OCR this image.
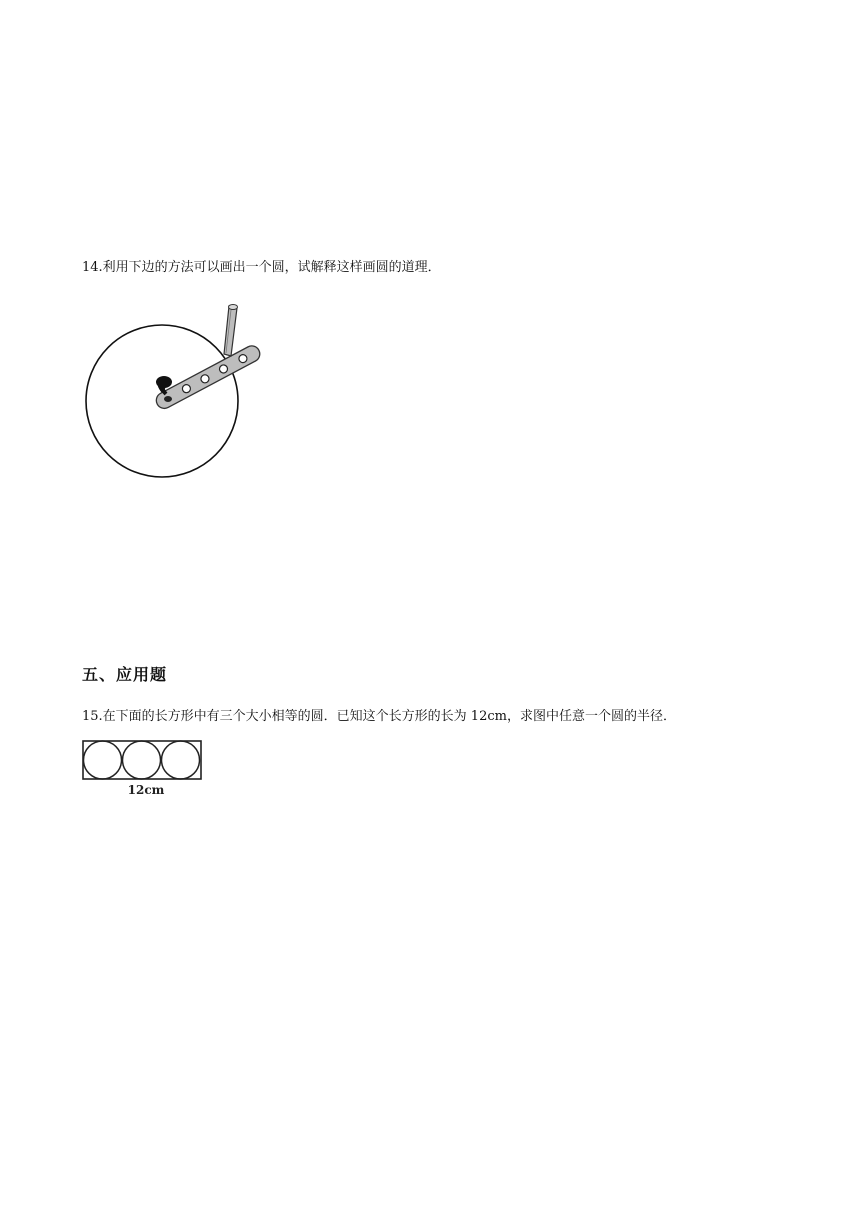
14.利用下边的方法可以画出一个圆，试解释这样画圆的道理．
五、应用题
15.在下面的长方形中有三个大小相等的圆．已知这个长方形的长为 12cm，求图中任意一个圆的半径．
12cm
